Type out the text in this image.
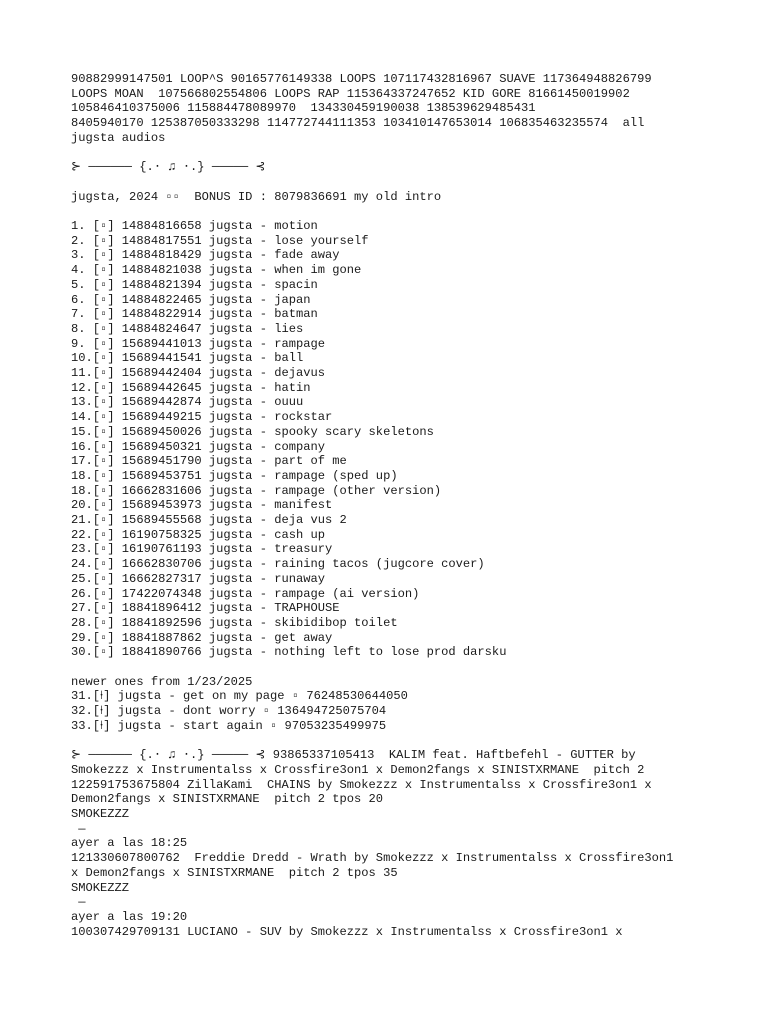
90882999147501 LOOP^S 90165776149338 LOOPS 107117432816967 SUAVE 117364948826799
LOOPS MOAN  107566802554806 LOOPS RAP 115364337247652 KID GORE 81661450019902
105846410375006 115884478089970  134330459190038 138539629485431
8405940170 125387050333298 114772744111353 103410147653014 106835463235574  all
jugsta audios
⊱ ────── {.⋅ ♫ ⋅.} ───── ⊰
jugsta, 2024 ▫▫  BONUS ID : 8079836691 my old intro
1. [▫] 14884816658 jugsta - motion
2. [▫] 14884817551 jugsta - lose yourself
3. [▫] 14884818429 jugsta - fade away
4. [▫] 14884821038 jugsta - when im gone
5. [▫] 14884821394 jugsta - spacin
6. [▫] 14884822465 jugsta - japan
7. [▫] 14884822914 jugsta - batman
8. [▫] 14884824647 jugsta - lies
9. [▫] 15689441013 jugsta - rampage
10.[▫] 15689441541 jugsta - ball
11.[▫] 15689442404 jugsta - dejavus
12.[▫] 15689442645 jugsta - hatin
13.[▫] 15689442874 jugsta - ouuu
14.[▫] 15689449215 jugsta - rockstar
15.[▫] 15689450026 jugsta - spooky scary skeletons
16.[▫] 15689450321 jugsta - company
17.[▫] 15689451790 jugsta - part of me
18.[▫] 15689453751 jugsta - rampage (sped up)
18.[▫] 16662831606 jugsta - rampage (other version)
20.[▫] 15689453973 jugsta - manifest
21.[▫] 15689455568 jugsta - deja vus 2
22.[▫] 16190758325 jugsta - cash up
23.[▫] 16190761193 jugsta - treasury
24.[▫] 16662830706 jugsta - raining tacos (jugcore cover)
25.[▫] 16662827317 jugsta - runaway
26.[▫] 17422074348 jugsta - rampage (ai version)
27.[▫] 18841896412 jugsta - TRAPHOUSE
28.[▫] 18841892596 jugsta - skibidibop toilet
29.[▫] 18841887862 jugsta - get away
30.[▫] 18841890766 jugsta - nothing left to lose prod darsku
newer ones from 1/23/2025
31.[⍿] jugsta - get on my page ▫ 76248530644050
32.[⍿] jugsta - dont worry ▫ 136494725075704
33.[⍿] jugsta - start again ▫ 97053235499975
⊱ ────── {.⋅ ♫ ⋅.} ───── ⊰ 93865337105413  KALIM feat. Haftbefehl - GUTTER by
Smokezzz x Instrumentalss x Crossfire3on1 x Demon2fangs x SINISTXRMANE  pitch 2
122591753675804 ZillaKami  CHAINS by Smokezzz x Instrumentalss x Crossfire3on1 x
Demon2fangs x SINISTXRMANE  pitch 2 tpos 20
SMOKEZZZ
—
ayer a las 18:25
121330607800762  Freddie Dredd - Wrath by Smokezzz x Instrumentalss x Crossfire3on1
x Demon2fangs x SINISTXRMANE  pitch 2 tpos 35
SMOKEZZZ
—
ayer a las 19:20
100307429709131 LUCIANO - SUV by Smokezzz x Instrumentalss x Crossfire3on1 x
